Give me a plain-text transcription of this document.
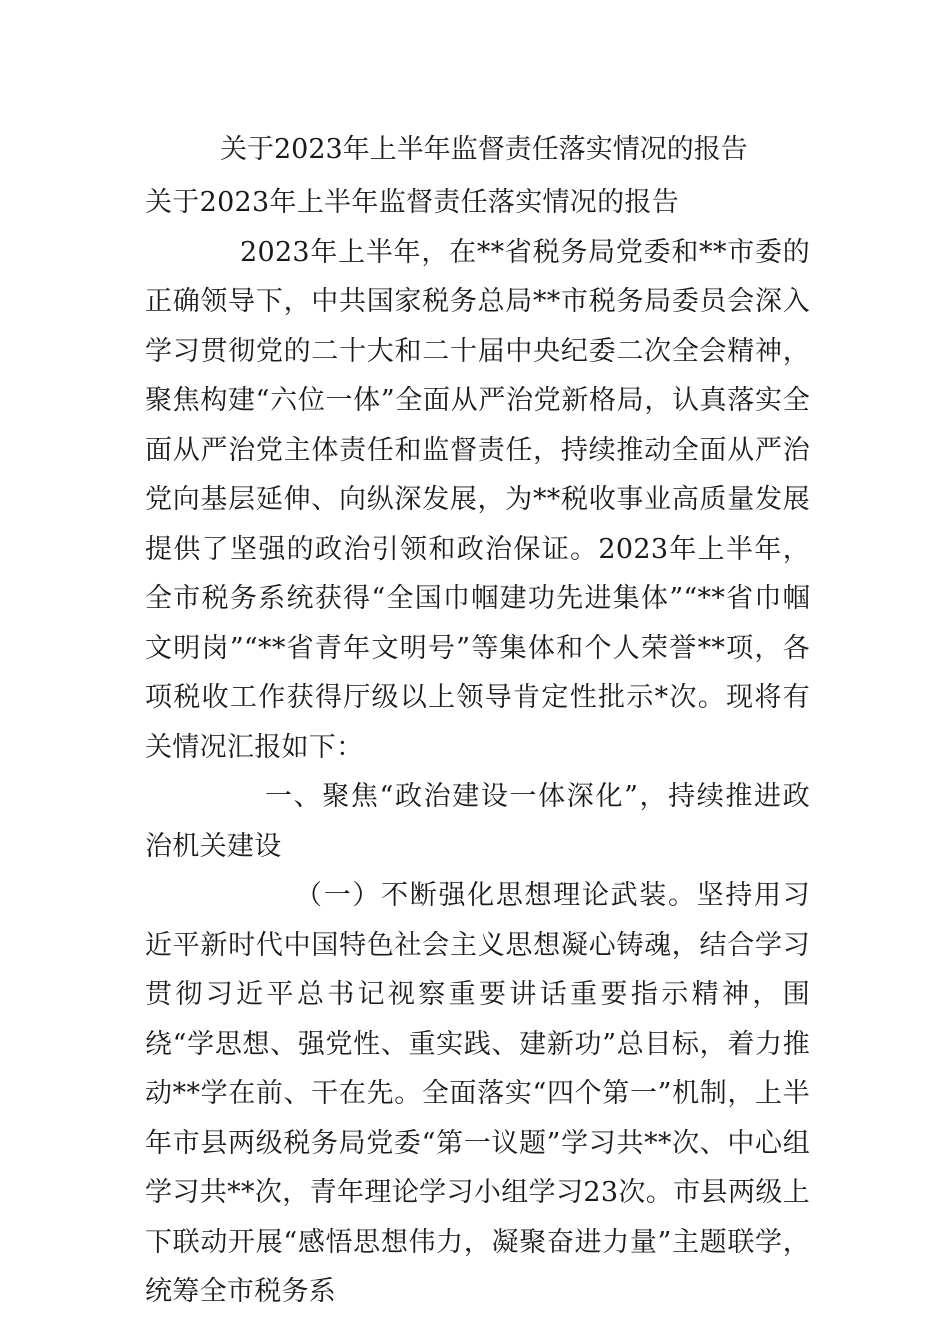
关于2023年上半年监督责任落实情况的报告

关于2023年上半年监督责任落实情况的报告

2023年上半年，在**省税务局党委和**市委的正确领导下，中共国家税务总局**市税务局委员会深入学习贯彻党的二十大和二十届中央纪委二次全会精神，聚焦构建“六位一体”全面从严治党新格局，认真落实全面从严治党主体责任和监督责任，持续推动全面从严治党向基层延伸、向纵深发展，为**税收事业高质量发展提供了坚强的政治引领和政治保证。2023年上半年，全市税务系统获得“全国巾帼建功先进集体”“**省巾帼文明岗”“**省青年文明号”等集体和个人荣誉**项，各项税收工作获得厅级以上领导肯定性批示*次。现将有关情况汇报如下：

一、聚焦“政治建设一体深化”，持续推进政治机关建设

（一）不断强化思想理论武装。坚持用习近平新时代中国特色社会主义思想凝心铸魂，结合学习贯彻习近平总书记视察重要讲话重要指示精神，围绕“学思想、强党性、重实践、建新功”总目标，着力推动**学在前、干在先。全面落实“四个第一”机制，上半年市县两级税务局党委“第一议题”学习共**次、中心组学习共**次，青年理论学习小组学习23次。市县两级上下联动开展“感悟思想伟力，凝聚奋进力量”主题联学，统筹全市税务系
